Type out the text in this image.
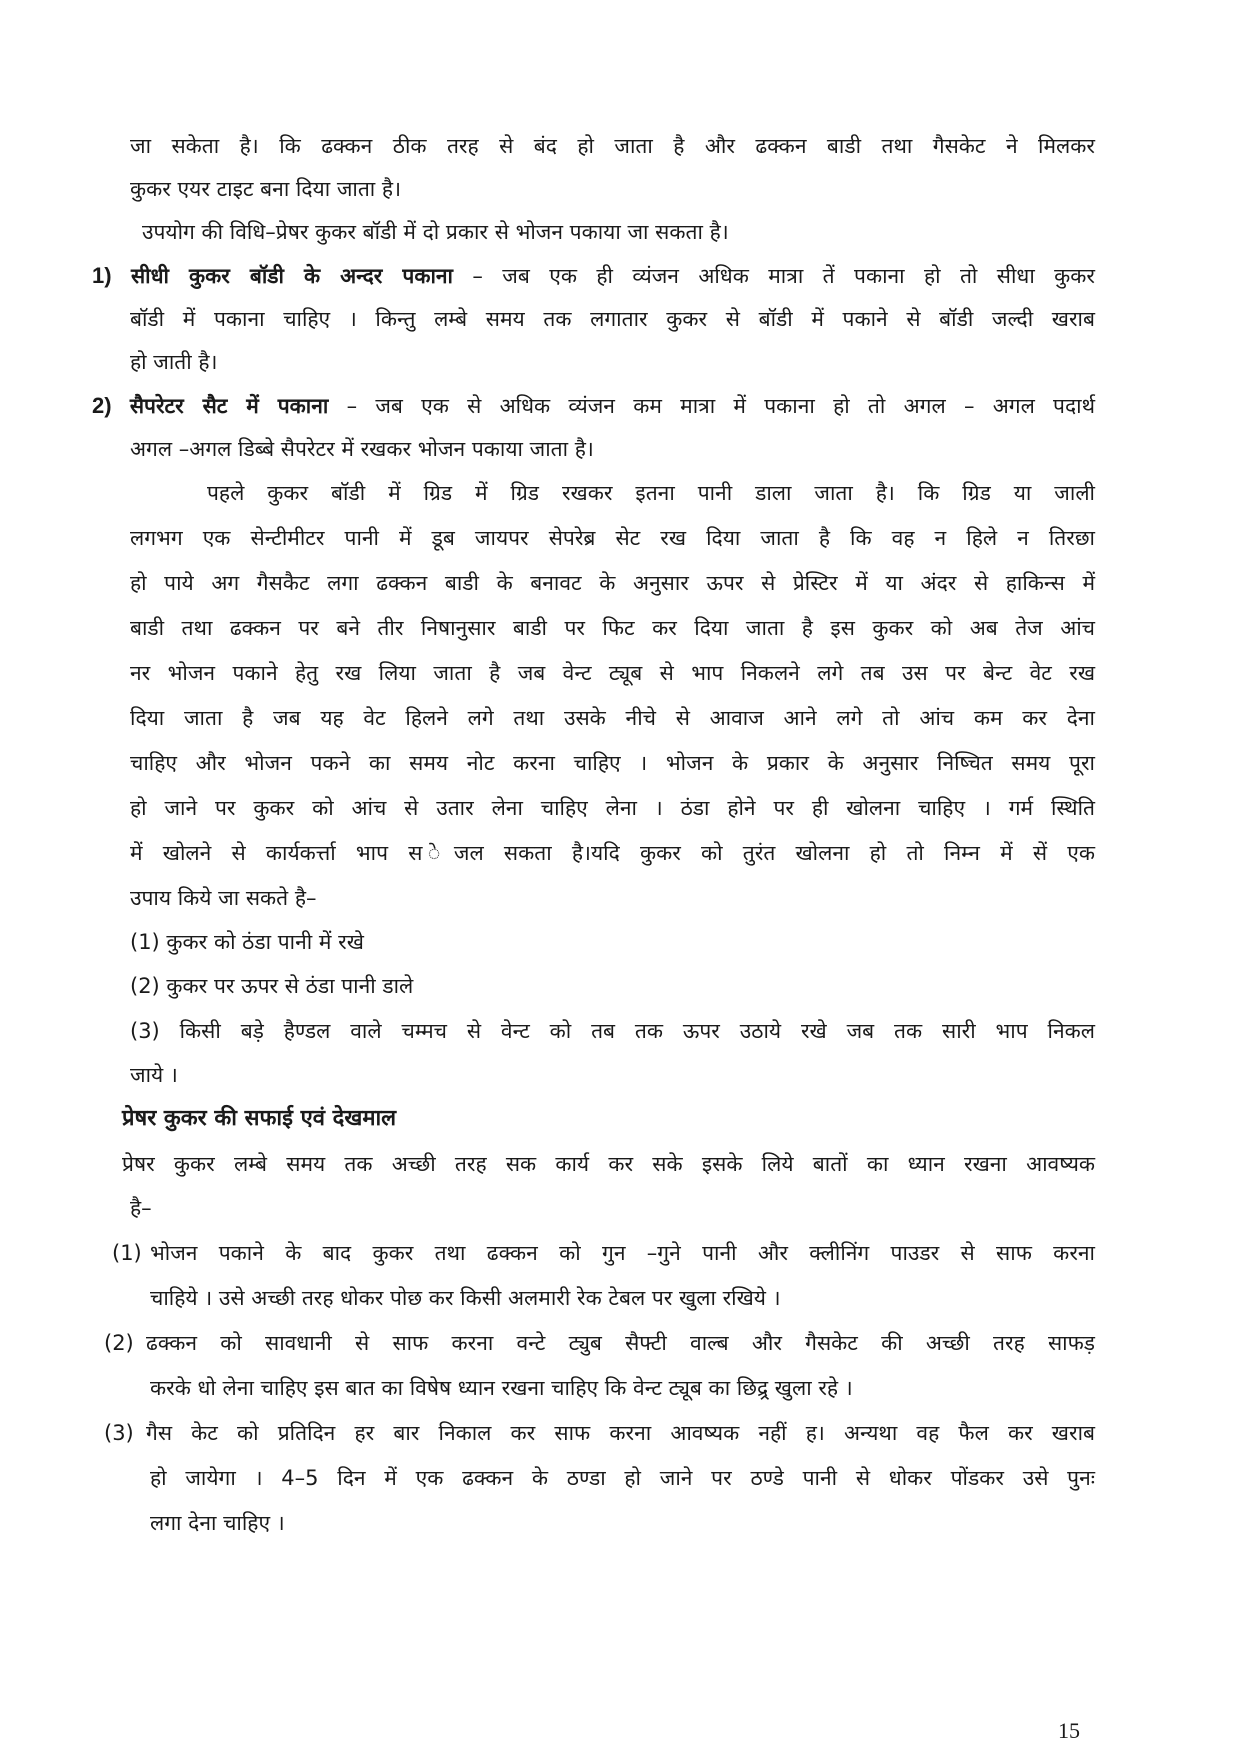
जा सकेता है। कि ढक्कन ठीक तरह से बंद हो जाता है और ढक्कन बाडी तथा गैसकेट ने मिलकर
कुकर एयर टाइट बना दिया जाता है।
उपयोग की विधि–प्रेषर कुकर बॉडी में दो प्रकार से भोजन पकाया जा सकता है।
1) सीधी कुकर बॉडी के अन्दर पकाना – जब एक ही व्यंजन अधिक मात्रा तें पकाना हो तो सीधा कुकर
बॉडी में पकाना चाहिए । किन्तु लम्बे समय तक लगातार कुकर से बॉडी में पकाने से बॉडी जल्दी खराब
हो जाती है।
2) सैपरेटर सैट में पकाना – जब एक से अधिक व्यंजन कम मात्रा में पकाना हो तो अगल – अगल पदार्थ
अगल –अगल डिब्बे सैपरेटर में रखकर भोजन पकाया जाता है।
पहले कुकर बॉडी में ग्रिड में ग्रिड रखकर इतना पानी डाला जाता है। कि ग्रिड या जाली
लगभग एक सेन्टीमीटर पानी में डूब जायपर सेपरेब्र सेट रख दिया जाता है कि वह न हिले न तिरछा
हो पाये अग गैसकैट लगा ढक्कन बाडी के बनावट के अनुसार ऊपर से प्रेस्टिर में या अंदर से हाकिन्स में
बाडी तथा ढक्कन पर बने तीर निषानुसार बाडी पर फिट कर दिया जाता है इस कुकर को अब तेज आंच
नर भोजन पकाने हेतु रख लिया जाता है जब वेन्ट ट्यूब से भाप निकलने लगे तब उस पर बेन्ट वेट रख
दिया जाता है जब यह वेट हिलने लगे तथा उसके नीचे से आवाज आने लगे तो आंच कम कर देना
चाहिए और भोजन पकने का समय नोट करना चाहिए । भोजन के प्रकार के अनुसार निष्चित समय पूरा
हो जाने पर कुकर को आंच से उतार लेना चाहिए लेना । ठंडा होने पर ही खोलना चाहिए । गर्म स्थिति
में खोलने से कार्यकर्त्ता भाप स ेजल सकता है।यदि कुकर को तुरंत खोलना हो तो निम्न में सें एक
उपाय किये जा सकते है–
(1) कुकर को ठंडा पानी में रखे
(2) कुकर पर ऊपर से ठंडा पानी डाले
(3) किसी बड़े हैण्डल वाले चम्मच से वेन्ट को तब तक ऊपर उठाये रखे जब तक सारी भाप निकल
जाये ।
प्रेषर कुकर की सफाई एवं देखमाल
प्रेषर कुकर लम्बे समय तक अच्छी तरह सक कार्य कर सके इसके लिये बातों का ध्यान रखना आवष्यक
है–
(1) भोजन पकाने के बाद कुकर तथा ढक्कन को गुन –गुने पानी और क्लीनिंग पाउडर से साफ करना
चाहिये । उसे अच्छी तरह धोकर पोछ कर किसी अलमारी रेक टेबल पर खुला रखिये ।
(2) ढक्कन को सावधानी से साफ करना वन्टे ट्युब सैफ्टी वाल्ब और गैसकेट की अच्छी तरह साफड़
करके धो लेना चाहिए इस बात का विषेष ध्यान रखना चाहिए कि वेन्ट ट्यूब का छिद्र्र खुला रहे ।
(3) गैस केट को प्रतिदिन हर बार निकाल कर साफ करना आवष्यक नहीं ह। अन्यथा वह फैल कर खराब
हो जायेगा । 4–5 दिन में एक ढक्कन के ठण्डा हो जाने पर ठण्डे पानी से धोकर पोंडकर उसे पुनः
लगा देना चाहिए ।
15
